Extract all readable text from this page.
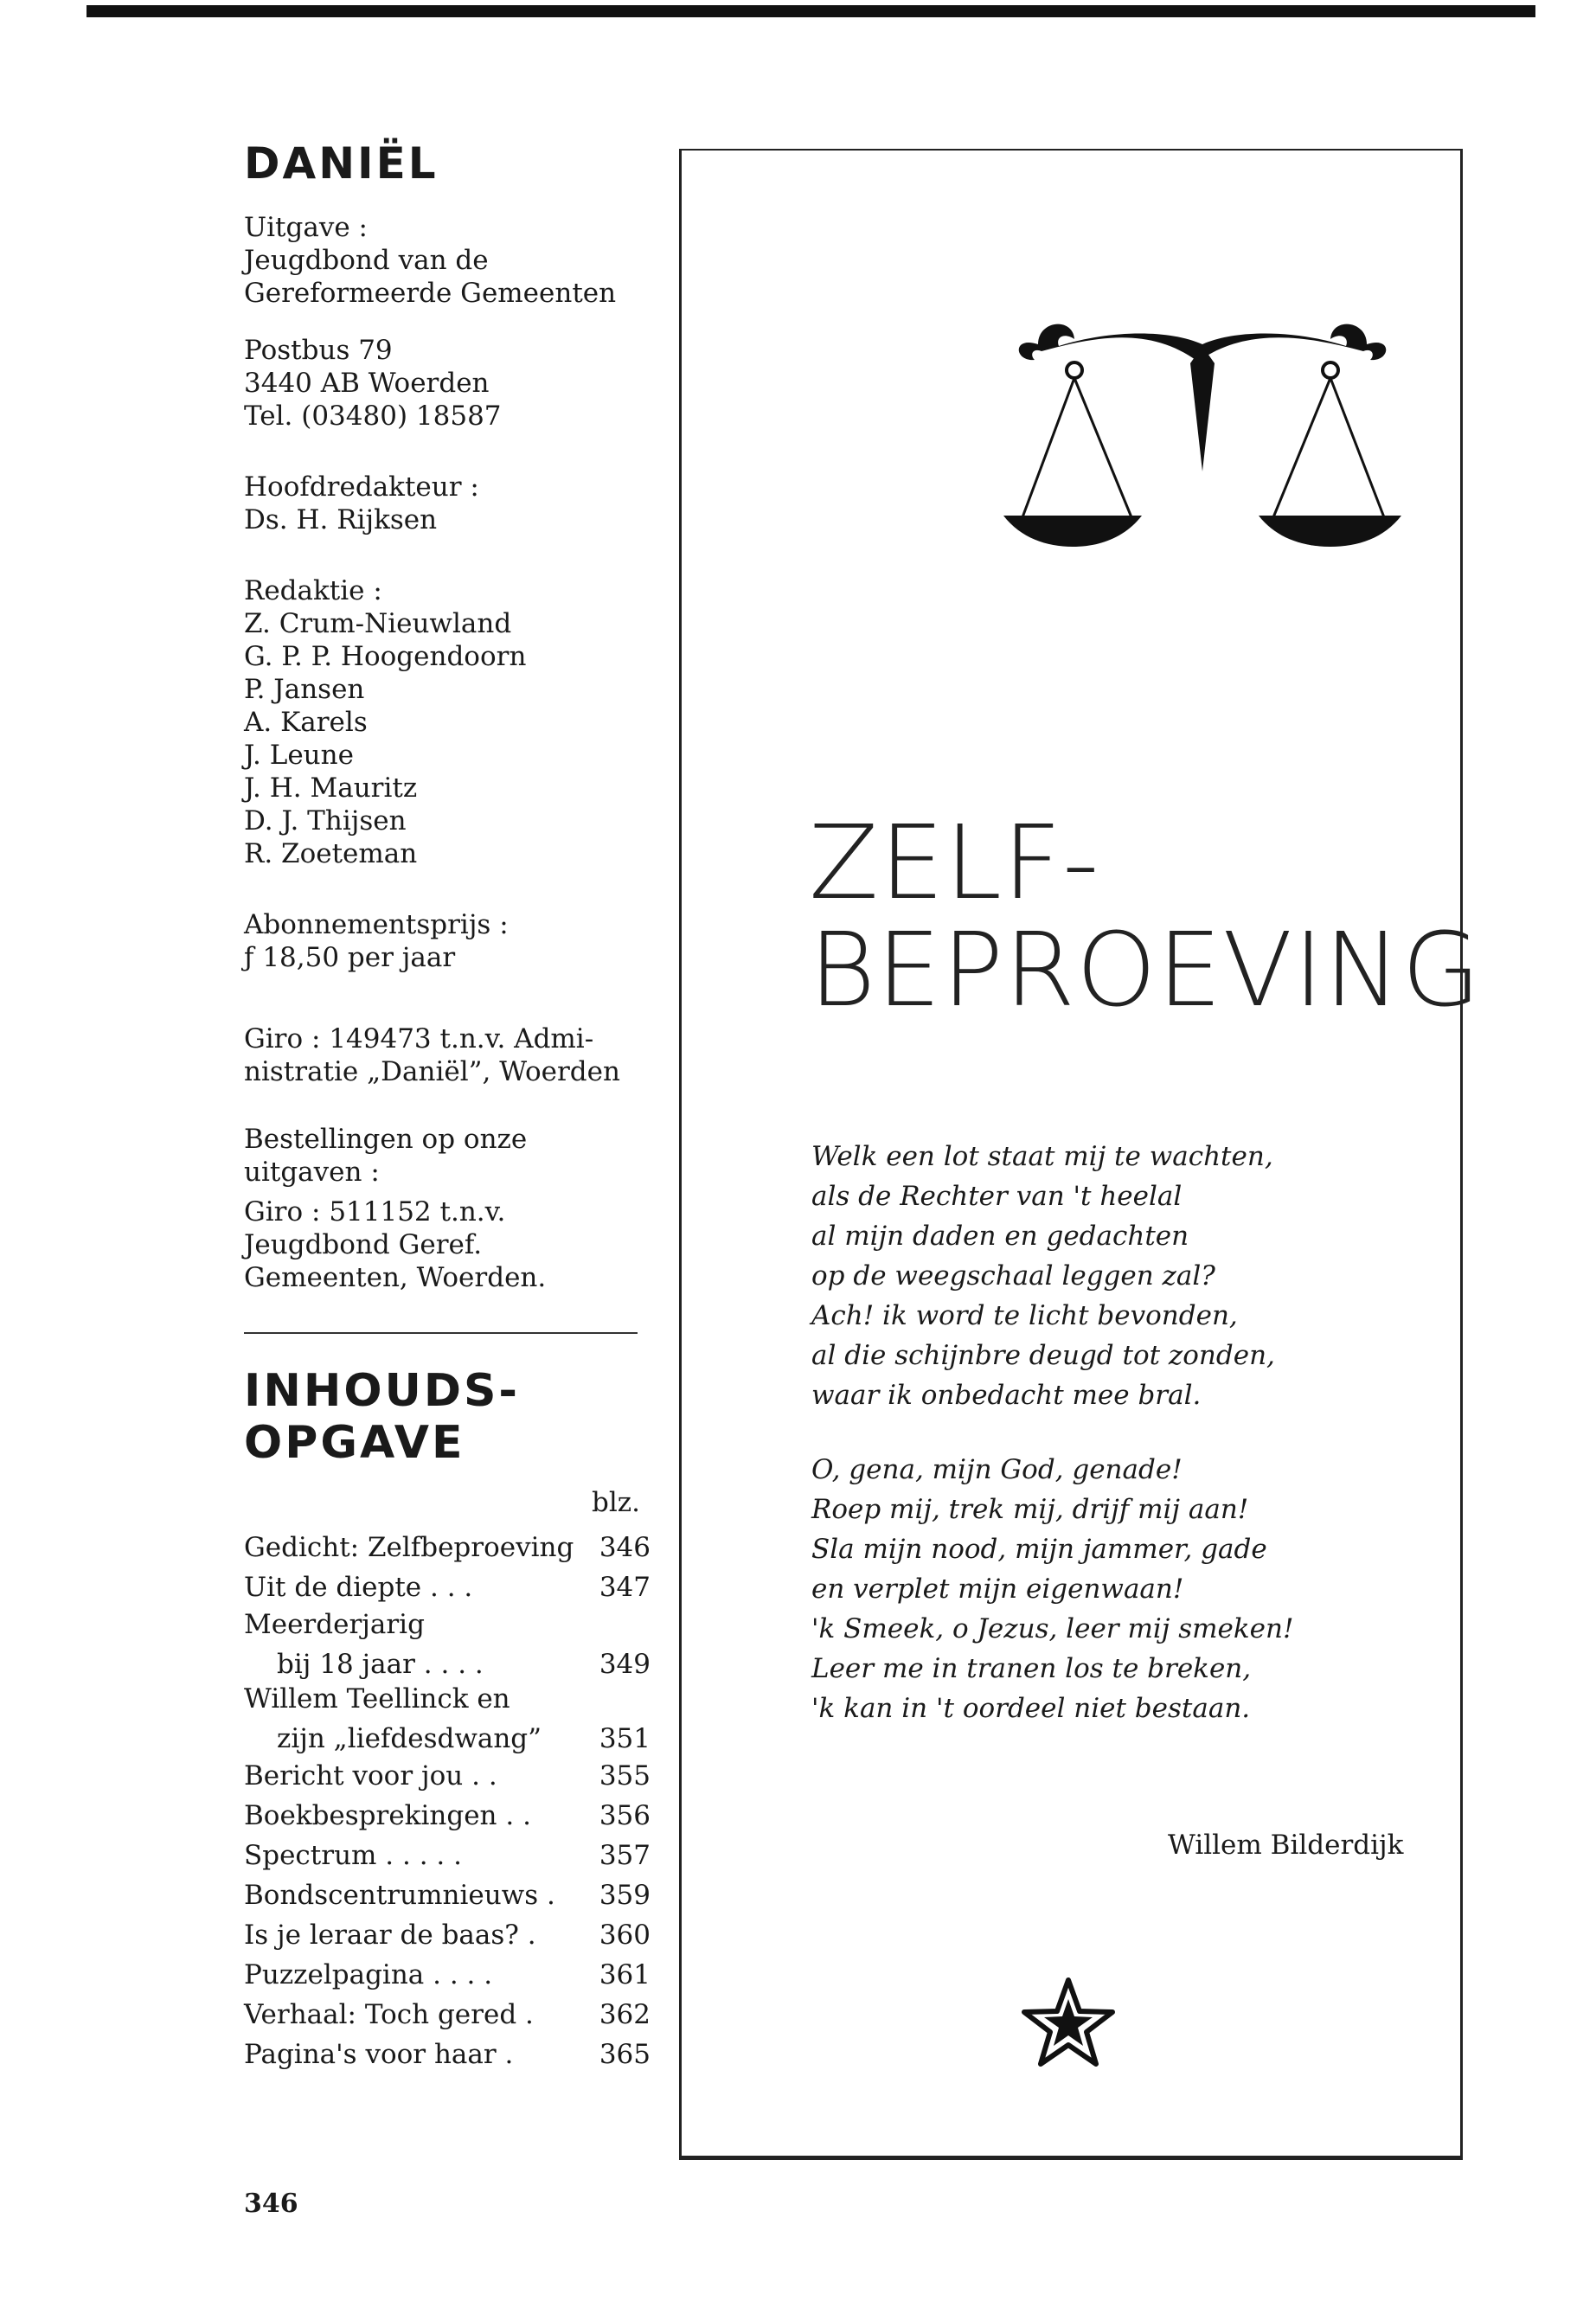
DANIËL
Uitgave :
Jeugdbond van de
Gereformeerde Gemeenten
Postbus 79
3440 AB Woerden
Tel. (03480) 18587
Hoofdredakteur :
Ds. H. Rijksen
Redaktie :
Z. Crum-Nieuwland
G. P. P. Hoogendoorn
P. Jansen
A. Karels
J. Leune
J. H. Mauritz
D. J. Thijsen
R. Zoeteman
Abonnementsprijs :
ƒ 18,50 per jaar
Giro : 149473 t.n.v. Admi-
nistratie „Daniël”, Woerden
Bestellingen op onze
uitgaven :
Giro : 511152 t.n.v.
Jeugdbond Geref.
Gemeenten, Woerden.
INHOUDS-
OPGAVE
blz.
Gedicht: Zelfbeproeving 346
Uit de diepte . . .	347
Meerderjarig
bij 18 jaar . . . .	349
Willem Teellinck en
zijn „liefdesdwang” 351
Bericht voor jou . .	355
Boekbesprekingen . .	356
Spectrum . . . . .	357
Bondscentrumnieuws . 359
Is je leraar de baas? . 360
Puzzelpagina . . . .	361
Verhaal: Toch gered . 362
Pagina's voor haar .	365
346
ZELF-
BEPROEVING
Welk een lot staat mij te wachten,
als de Rechter van 't heelal
al mijn daden en gedachten
op de weegschaal leggen zal?
Ach! ik word te licht bevonden,
al die schijnbre deugd tot zonden,
waar ik onbedacht mee bral.
O, gena, mijn God, genade!
Roep mij, trek mij, drijf mij aan!
Sla mijn nood, mijn jammer, gade
en verplet mijn eigenwaan!
'k Smeek, o Jezus, leer mij smeken!
Leer me in tranen los te breken,
'k kan in 't oordeel niet bestaan.
Willem Bilderdijk
